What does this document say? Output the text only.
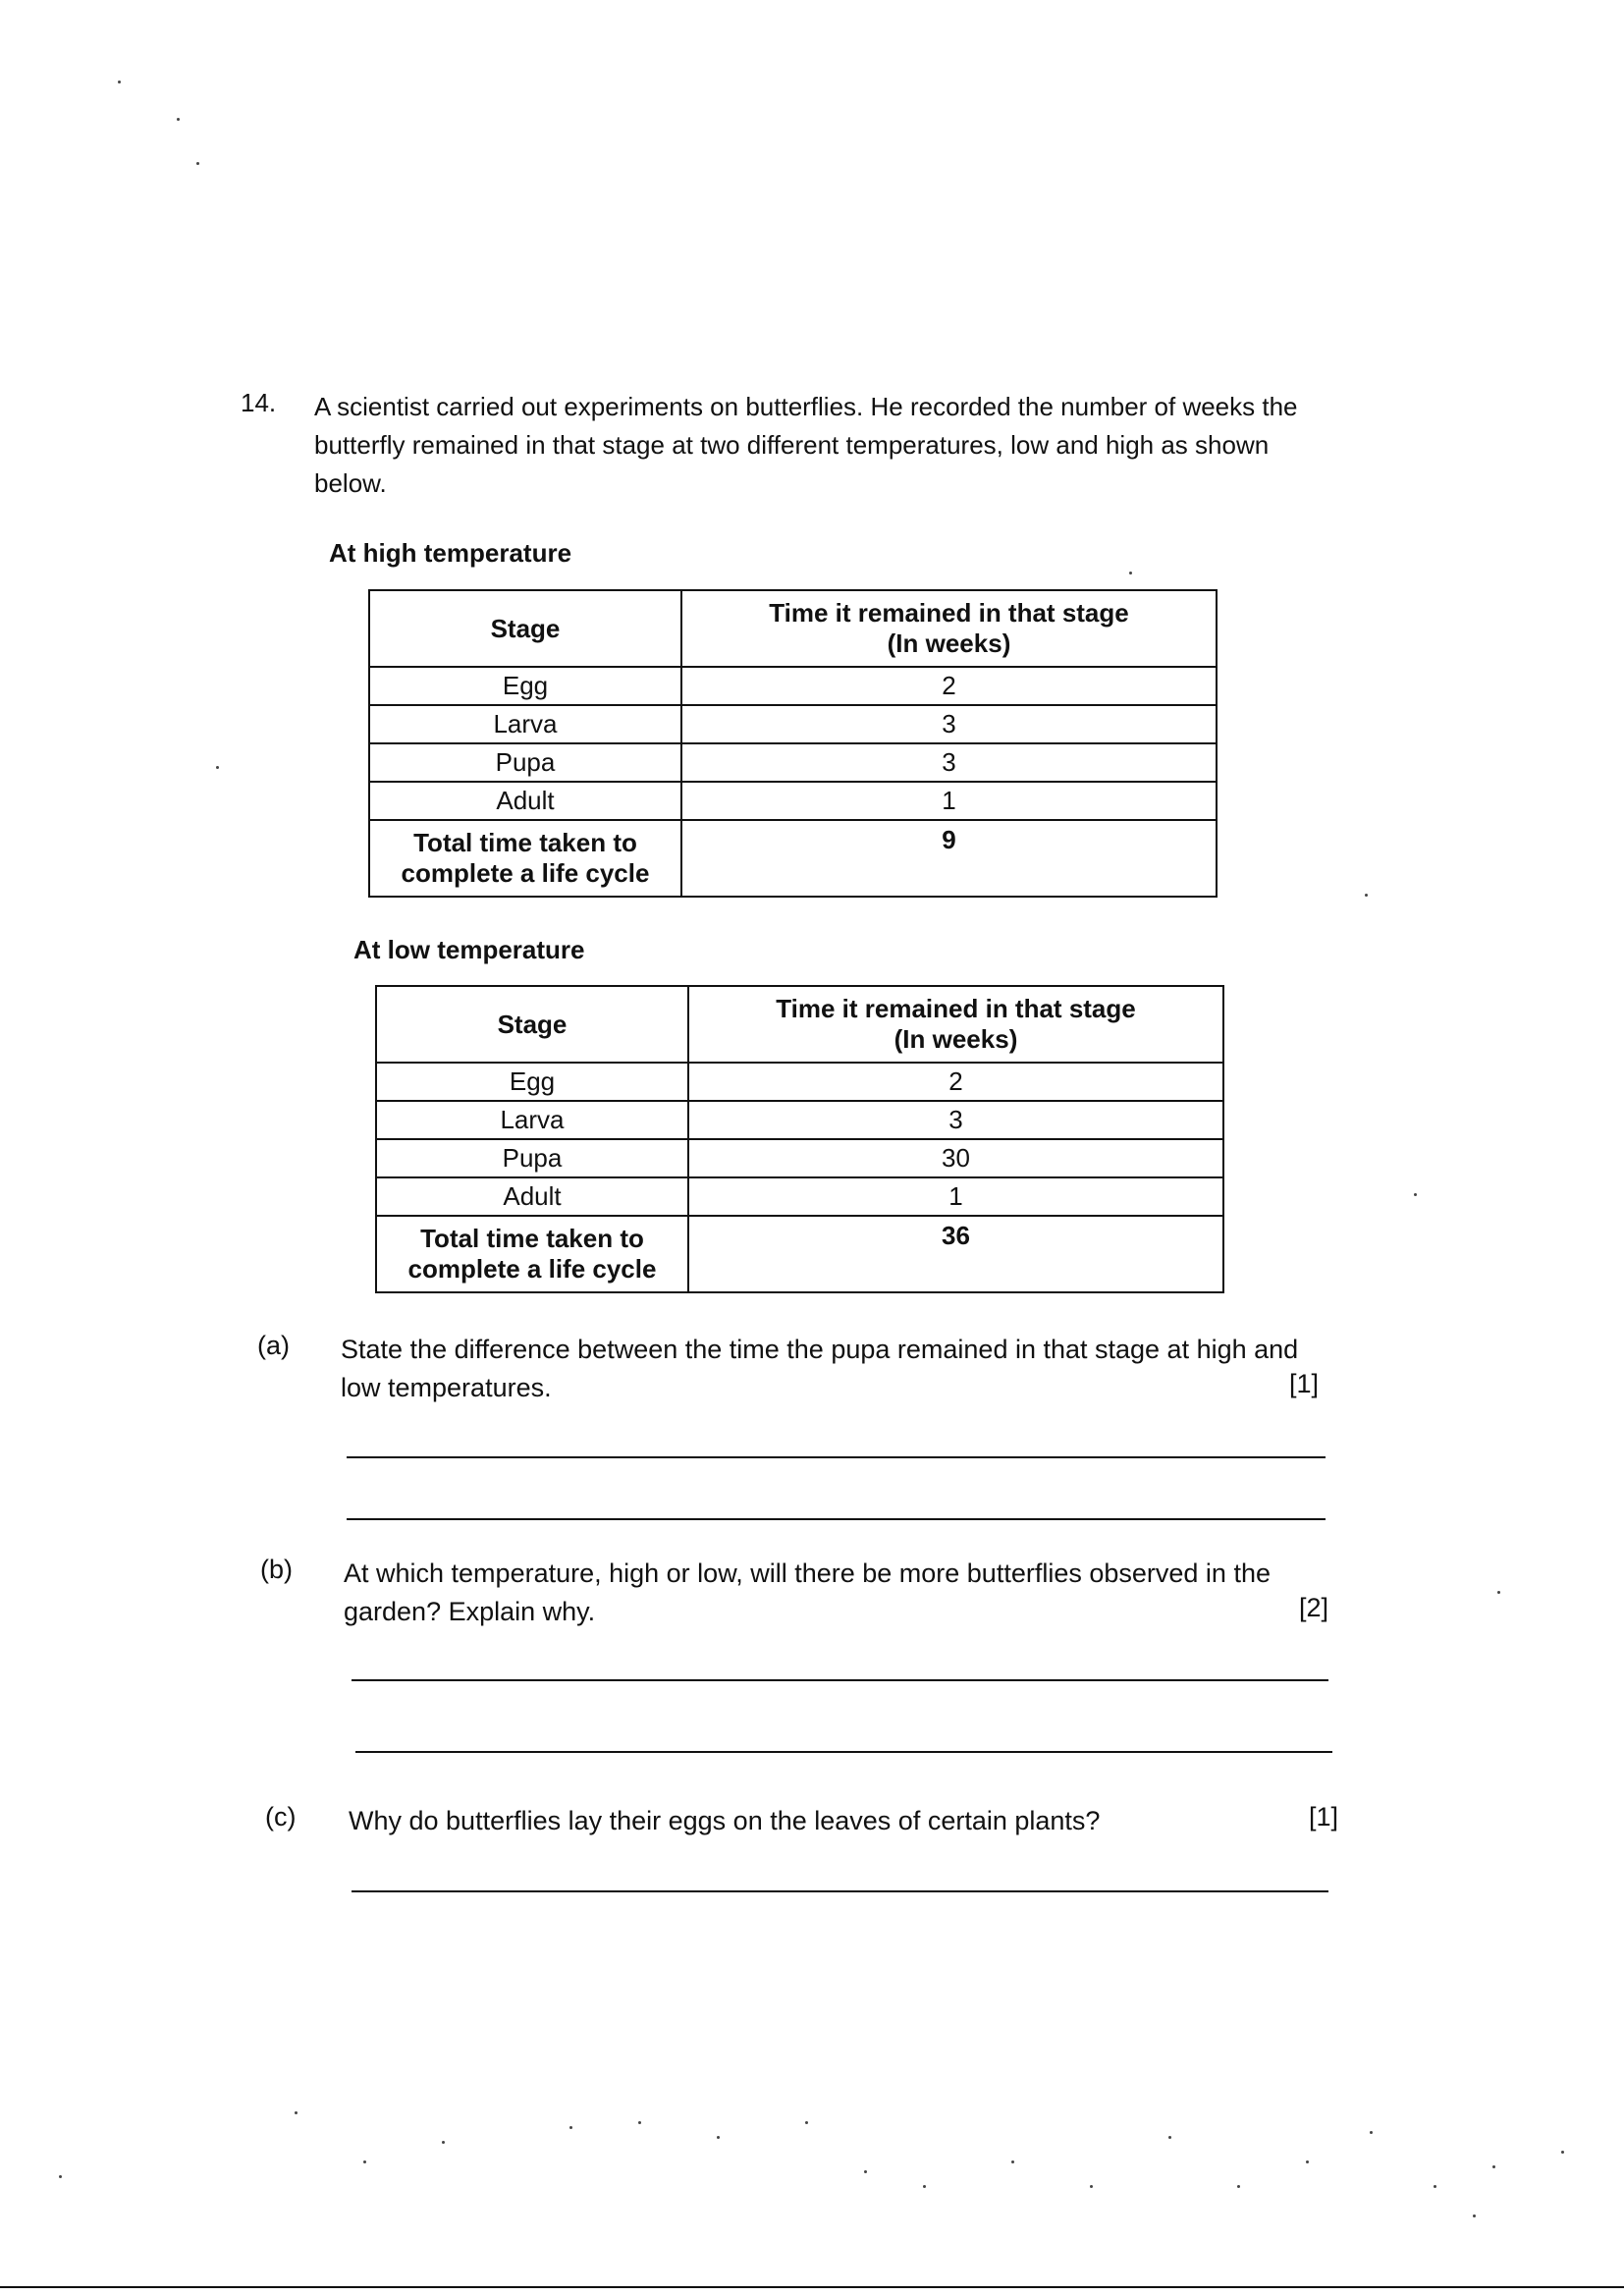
14. A scientist carried out experiments on butterflies. He recorded the number of weeks the butterfly remained in that stage at two different temperatures, low and high as shown below.
At high temperature
Stage	Time it remained in that stage
(In weeks)

Egg	2
Larva	3
Pupa	3
Adult	1

Total time taken to
complete a life cycle	9
At low temperature
Stage	Time it remained in that stage
(In weeks)

Egg	2
Larva	3
Pupa	30
Adult	1

Total time taken to
complete a life cycle	36
(a) State the difference between the time the pupa remained in that stage at high and low temperatures.	[1]
(b) At which temperature, high or low, will there be more butterflies observed in the garden? Explain why.	[2]
(c) Why do butterflies lay their eggs on the leaves of certain plants?	[1]
